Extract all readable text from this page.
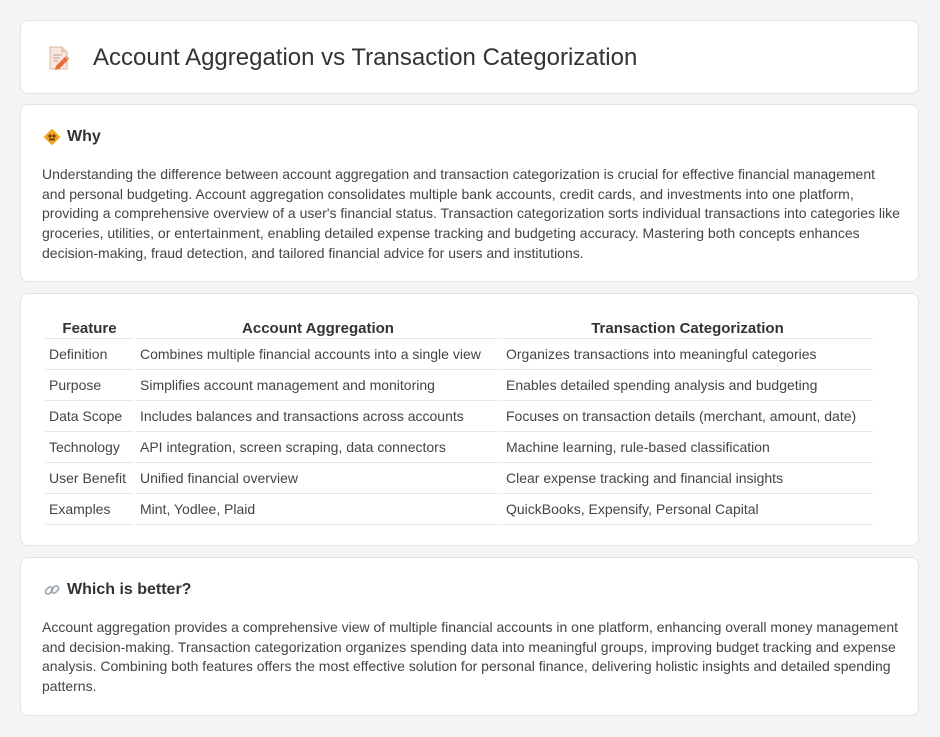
Account Aggregation vs Transaction Categorization
Why

Understanding the difference between account aggregation and transaction categorization is crucial for effective financial management and personal budgeting. Account aggregation consolidates multiple bank accounts, credit cards, and investments into one platform, providing a comprehensive overview of a user's financial status. Transaction categorization sorts individual transactions into categories like groceries, utilities, or entertainment, enabling detailed expense tracking and budgeting accuracy. Mastering both concepts enhances decision-making, fraud detection, and tailored financial advice for users and institutions.

Feature	Account Aggregation	Transaction Categorization
Definition	Combines multiple financial accounts into a single view	Organizes transactions into meaningful categories
Purpose	Simplifies account management and monitoring	Enables detailed spending analysis and budgeting
Data Scope	Includes balances and transactions across accounts	Focuses on transaction details (merchant, amount, date)
Technology	API integration, screen scraping, data connectors	Machine learning, rule-based classification
User Benefit	Unified financial overview	Clear expense tracking and financial insights
Examples	Mint, Yodlee, Plaid	QuickBooks, Expensify, Personal Capital
Which is better?

Account aggregation provides a comprehensive view of multiple financial accounts in one platform, enhancing overall money management and decision-making. Transaction categorization organizes spending data into meaningful groups, improving budget tracking and expense analysis. Combining both features offers the most effective solution for personal finance, delivering holistic insights and detailed spending patterns.
